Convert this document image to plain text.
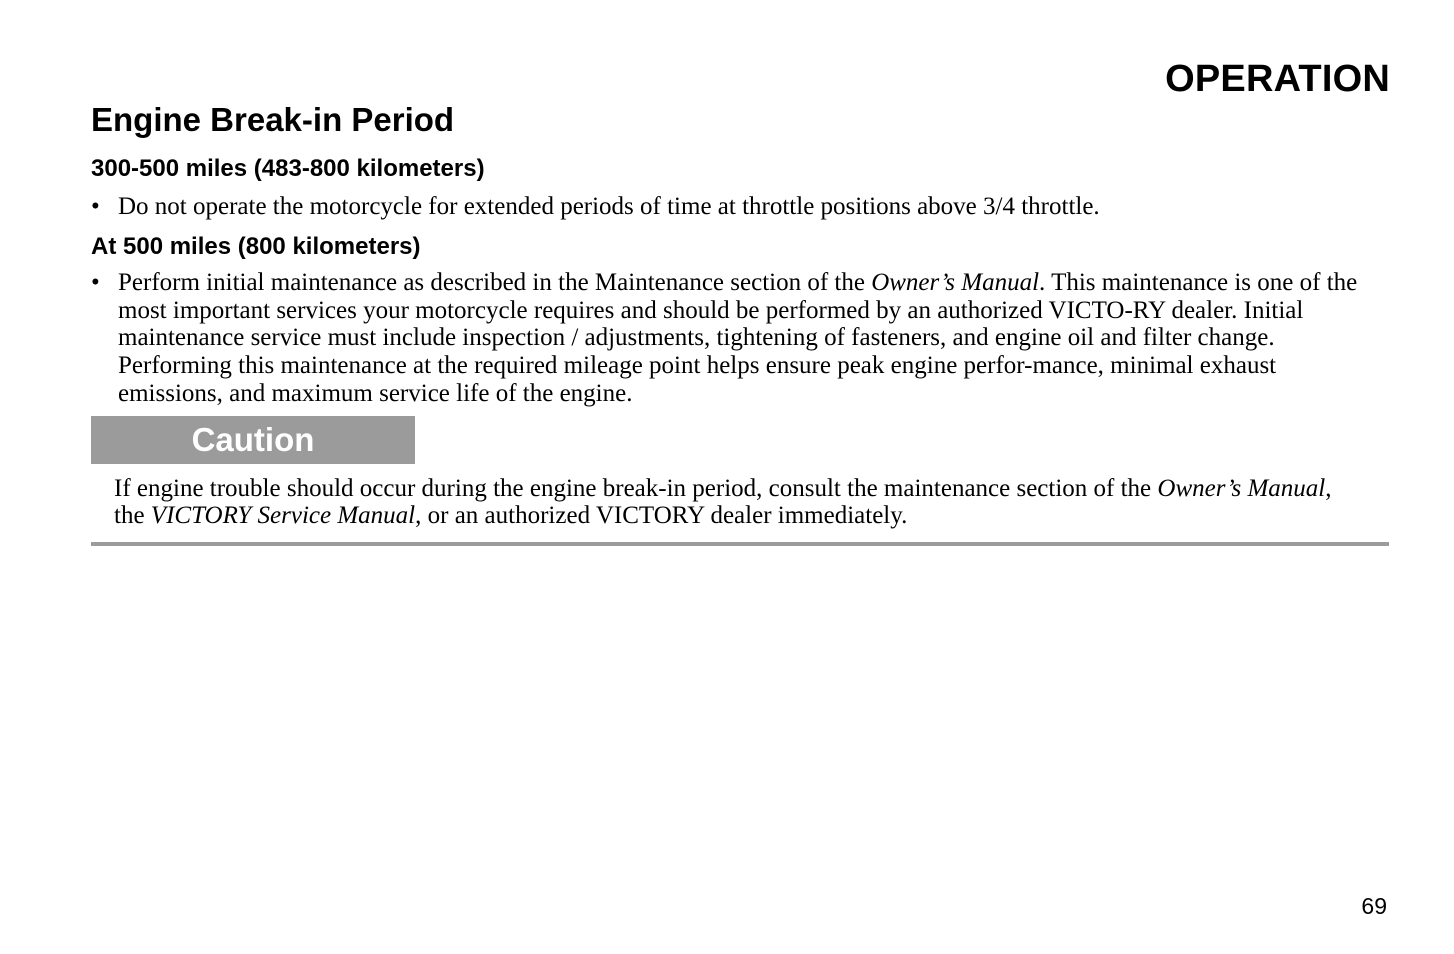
OPERATION
Engine Break-in Period
300-500 miles (483-800 kilometers)
• Do not operate the motorcycle for extended periods of time at throttle positions above 3/4 throttle.
At 500 miles (800 kilometers)
• Perform initial maintenance as described in the Maintenance section of the Owner’s Manual. This maintenance is one of the most important services your motorcycle requires and should be performed by an authorized VICTO-RY dealer. Initial maintenance service must include inspection / adjustments, tightening of fasteners, and engine oil and filter change. Performing this maintenance at the required mileage point helps ensure peak engine perfor-mance, minimal exhaust emissions, and maximum service life of the engine.
Caution
If engine trouble should occur during the engine break-in period, consult the maintenance section of the Owner’s Manual, the VICTORY Service Manual, or an authorized VICTORY dealer immediately.

69
